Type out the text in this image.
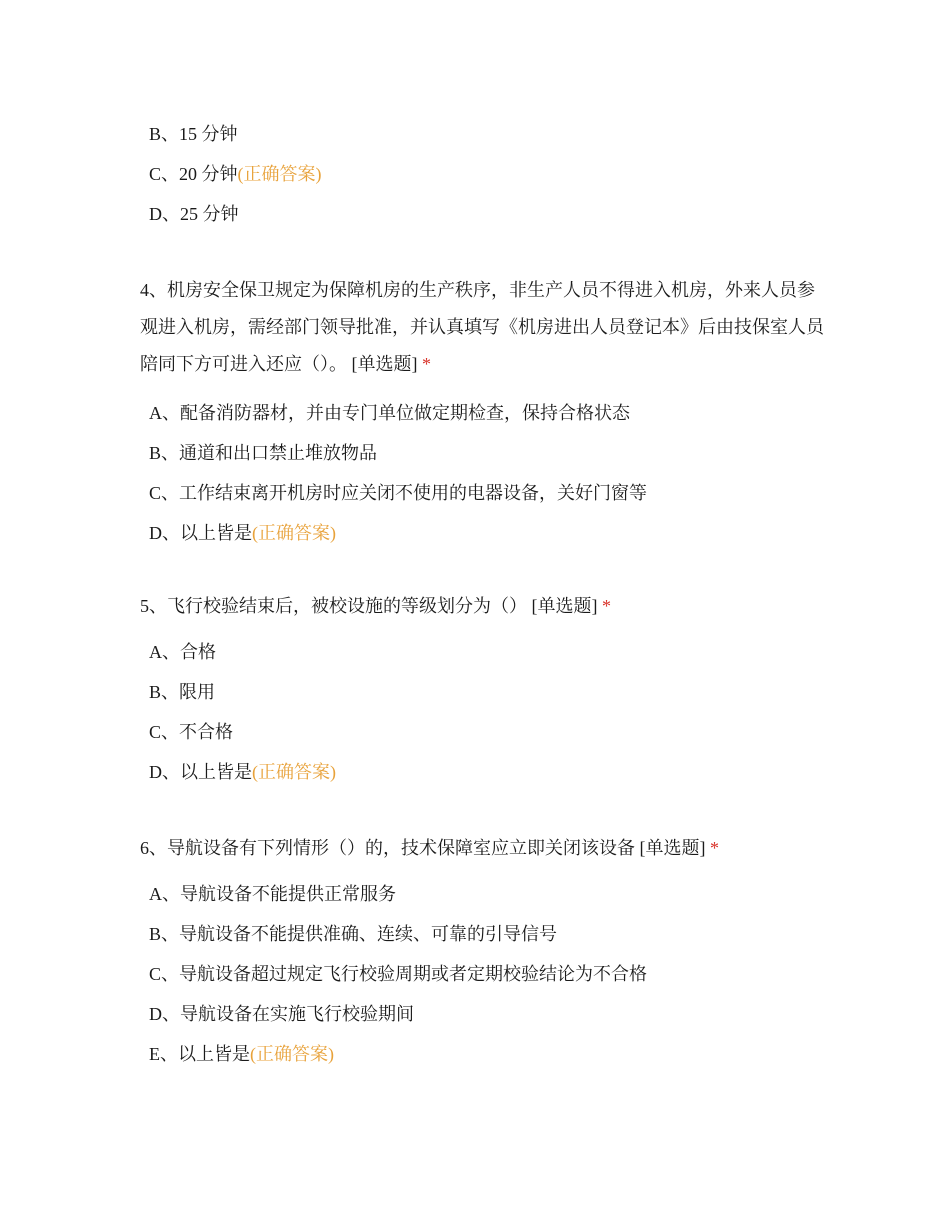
B、15 分钟
C、20 分钟(正确答案)
D、25 分钟
4、机房安全保卫规定为保障机房的生产秩序，非生产人员不得进入机房，外来人员参观进入机房，需经部门领导批准，并认真填写《机房进出人员登记本》后由技保室人员陪同下方可进入还应（）。 [单选题] *
A、配备消防器材，并由专门单位做定期检查，保持合格状态
B、通道和出口禁止堆放物品
C、工作结束离开机房时应关闭不使用的电器设备，关好门窗等
D、以上皆是(正确答案)
5、飞行校验结束后，被校设施的等级划分为（） [单选题] *
A、合格
B、限用
C、不合格
D、以上皆是(正确答案)
6、导航设备有下列情形（）的，技术保障室应立即关闭该设备 [单选题] *
A、导航设备不能提供正常服务
B、导航设备不能提供准确、连续、可靠的引导信号
C、导航设备超过规定飞行校验周期或者定期校验结论为不合格
D、导航设备在实施飞行校验期间
E、以上皆是(正确答案)
